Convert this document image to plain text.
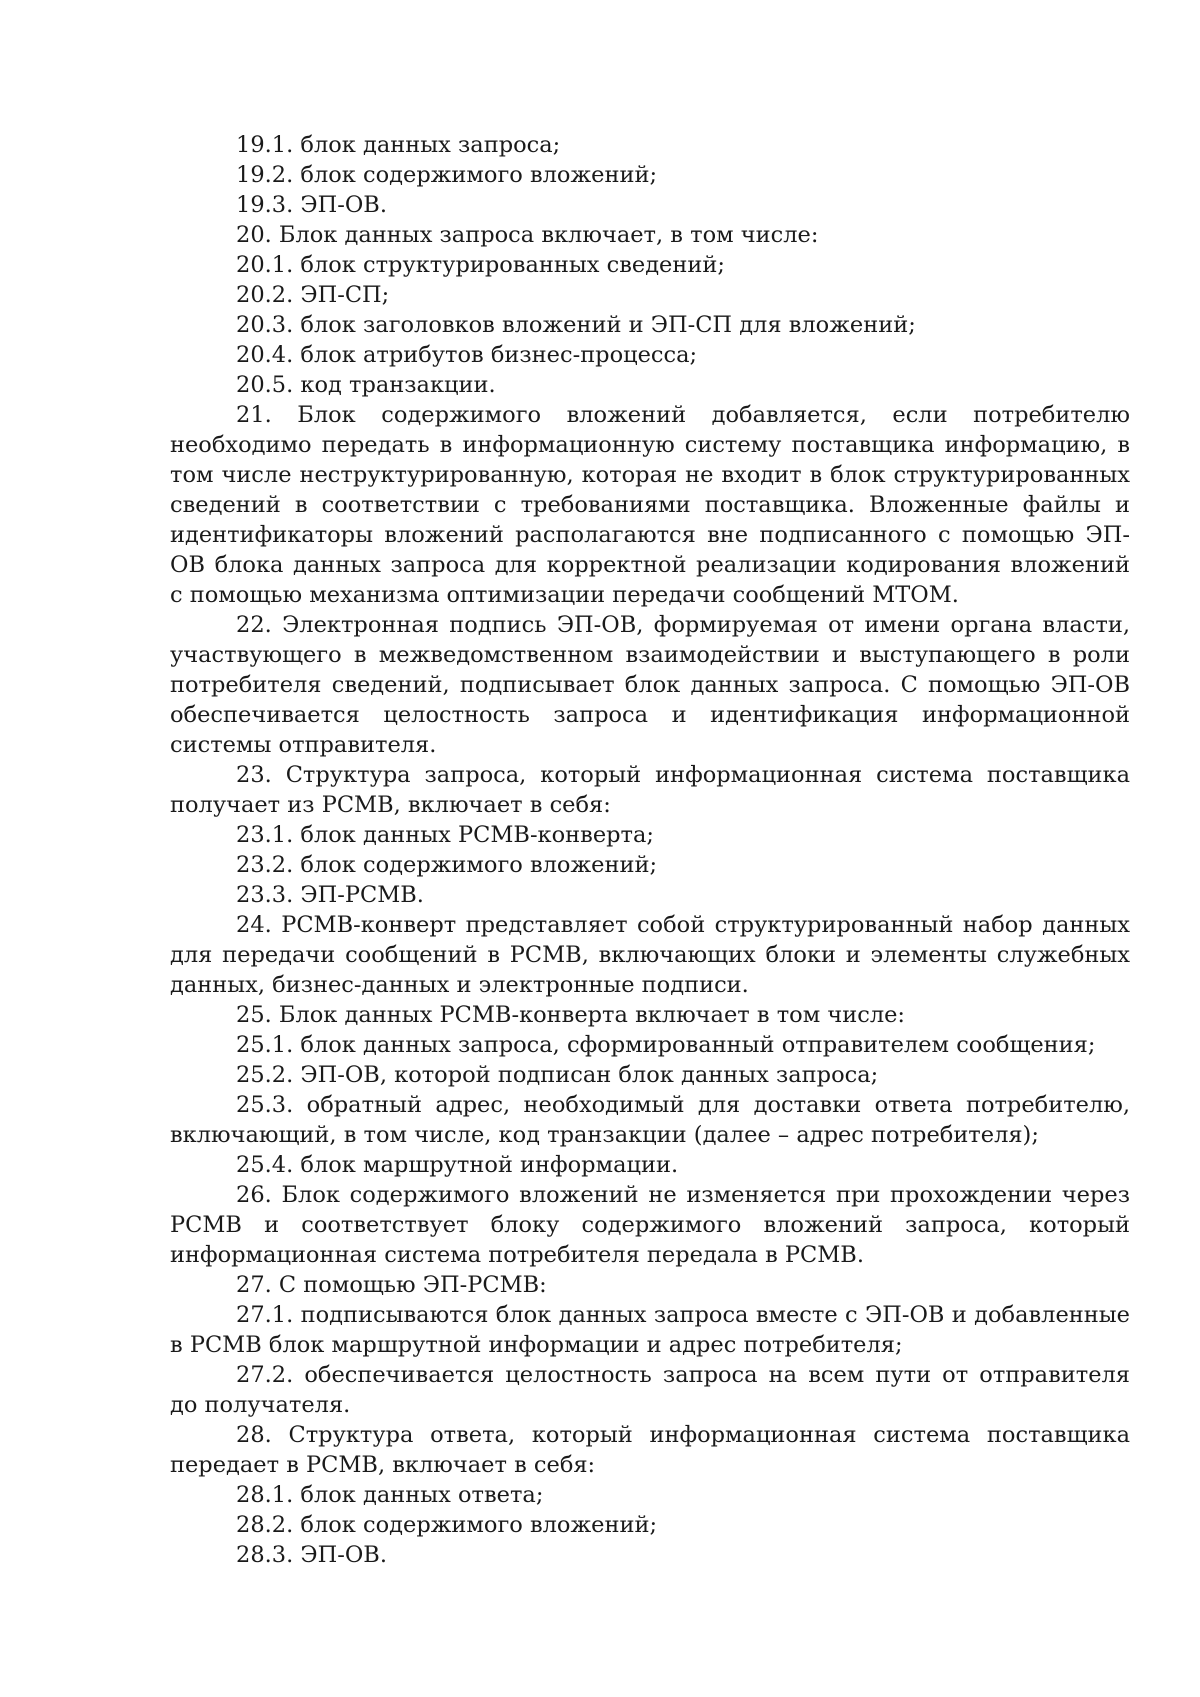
19.1. блок данных запроса;

19.2. блок содержимого вложений;

19.3. ЭП-ОВ.

20. Блок данных запроса включает, в том числе:

20.1. блок структурированных сведений;

20.2. ЭП-СП;

20.3. блок заголовков вложений и ЭП-СП для вложений;

20.4. блок атрибутов бизнес-процесса;

20.5. код транзакции.

21. Блок содержимого вложений добавляется, если потребителю необходимо передать в информационную систему поставщика информацию, в том числе неструктурированную, которая не входит в блок структурированных сведений в соответствии с требованиями поставщика. Вложенные файлы и идентификаторы вложений располагаются вне подписанного с помощью ЭП-ОВ блока данных запроса для корректной реализации кодирования вложений с помощью механизма оптимизации передачи сообщений MTOM.

22. Электронная подпись ЭП-ОВ, формируемая от имени органа власти, участвующего в межведомственном взаимодействии и выступающего в роли потребителя сведений, подписывает блок данных запроса. С помощью ЭП-ОВ обеспечивается целостность запроса и идентификация информационной системы отправителя.

23. Структура запроса, который информационная система поставщика получает из РСМВ, включает в себя:

23.1. блок данных РСМВ-конверта;

23.2. блок содержимого вложений;

23.3. ЭП-РСМВ.

24. РСМВ-конверт представляет собой структурированный набор данных для передачи сообщений в РСМВ, включающих блоки и элементы служебных данных, бизнес-данных и электронные подписи.

25. Блок данных РСМВ-конверта включает в том числе:

25.1. блок данных запроса, сформированный отправителем сообщения;

25.2. ЭП-ОВ, которой подписан блок данных запроса;

25.3. обратный адрес, необходимый для доставки ответа потребителю, включающий, в том числе, код транзакции (далее – адрес потребителя);

25.4. блок маршрутной информации.

26. Блок содержимого вложений не изменяется при прохождении через РСМВ и соответствует блоку содержимого вложений запроса, который информационная система потребителя передала в РСМВ.

27. С помощью ЭП-РСМВ:

27.1. подписываются блок данных запроса вместе с ЭП-ОВ и добавленные в РСМВ блок маршрутной информации и адрес потребителя;

27.2. обеспечивается целостность запроса на всем пути от отправителя до получателя.

28. Структура ответа, который информационная система поставщика передает в РСМВ, включает в себя:

28.1. блок данных ответа;

28.2. блок содержимого вложений;

28.3. ЭП-ОВ.
